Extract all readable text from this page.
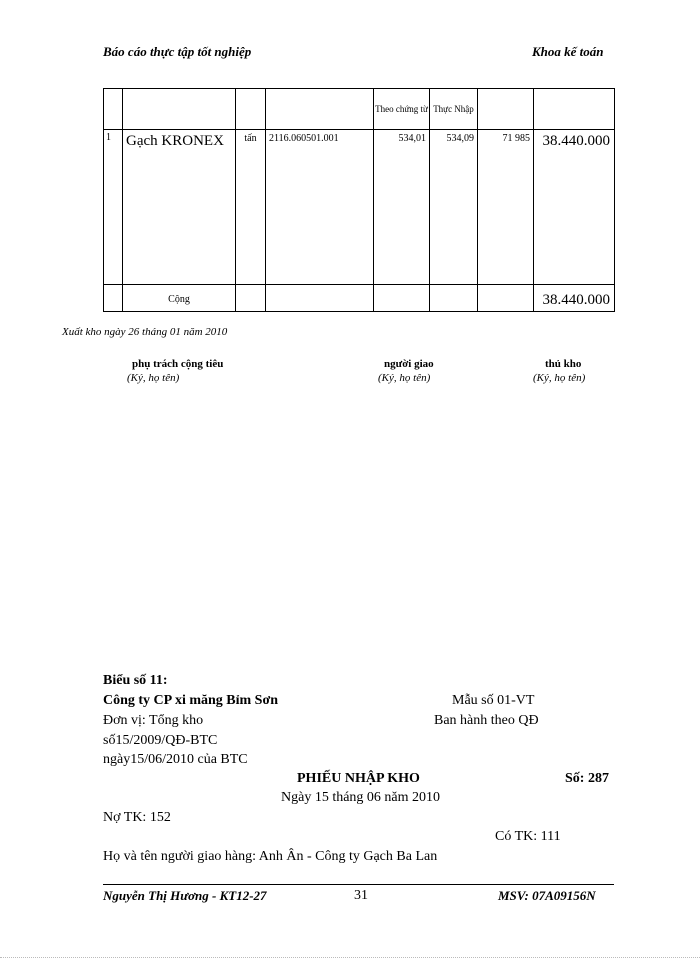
Báo cáo thực tập tốt nghiệp	Khoa kế toán
				Theo chứng từ	Thực Nhập		
1	Gạch KRONEX	tấn	2116.060501.001	534,01	534,09	71 985	38.440.000
	Cộng						38.440.000
Xuất kho ngày 26 tháng 01 năm 2010
phụ trách cộng tiêu
(Ký, họ tên)
người giao
(Ký, họ tên)
thủ kho
(Ký, họ tên)
Biểu số 11:
Công ty CP xi măng Bỉm Sơn	Mẫu số 01-VT
Đơn vị: Tổng kho	Ban hành theo QĐ
số15/2009/QĐ-BTC
ngày15/06/2010 của BTC
PHIẾU NHẬP KHO	Số: 287
Ngày 15 tháng 06 năm 2010
Nợ TK: 152
Có TK: 111
Họ và tên người giao hàng: Anh Ân - Công ty Gạch Ba Lan
Nguyễn Thị Hương - KT12-27	31	MSV: 07A09156N
